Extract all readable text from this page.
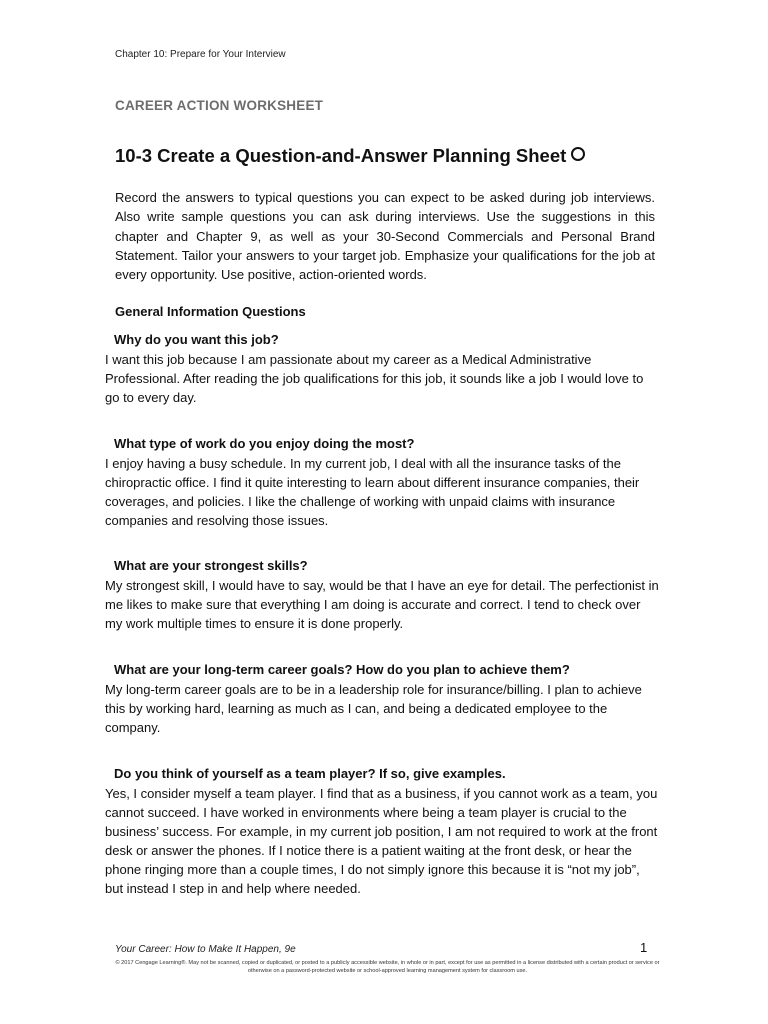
Chapter 10: Prepare for Your Interview
CAREER ACTION WORKSHEET
10-3 Create a Question-and-Answer Planning Sheet
Record the answers to typical questions you can expect to be asked during job interviews. Also write sample questions you can ask during interviews. Use the suggestions in this chapter and Chapter 9, as well as your 30-Second Commercials and Personal Brand Statement. Tailor your answers to your target job. Emphasize your qualifications for the job at every opportunity. Use positive, action-oriented words.
General Information Questions
Why do you want this job?
I want this job because I am passionate about my career as a Medical Administrative Professional. After reading the job qualifications for this job, it sounds like a job I would love to go to every day.
What type of work do you enjoy doing the most?
I enjoy having a busy schedule. In my current job, I deal with all the insurance tasks of the chiropractic office. I find it quite interesting to learn about different insurance companies, their coverages, and policies. I like the challenge of working with unpaid claims with insurance companies and resolving those issues.
What are your strongest skills?
My strongest skill, I would have to say, would be that I have an eye for detail. The perfectionist in me likes to make sure that everything I am doing is accurate and correct. I tend to check over my work multiple times to ensure it is done properly.
What are your long-term career goals? How do you plan to achieve them?
My long-term career goals are to be in a leadership role for insurance/billing. I plan to achieve this by working hard, learning as much as I can, and being a dedicated employee to the company.
Do you think of yourself as a team player? If so, give examples.
Yes, I consider myself a team player. I find that as a business, if you cannot work as a team, you cannot succeed. I have worked in environments where being a team player is crucial to the business’ success. For example, in my current job position, I am not required to work at the front desk or answer the phones. If I notice there is a patient waiting at the front desk, or hear the phone ringing more than a couple times, I do not simply ignore this because it is “not my job”, but instead I step in and help where needed.
Your Career: How to Make It Happen, 9e	1
© 2017 Cengage Learning®. May not be scanned, copied or duplicated, or posted to a publicly accessible website, in whole or in part, except for use as permitted in a license distributed with a certain product or service or otherwise on a password-protected website or school-approved learning management system for classroom use.
